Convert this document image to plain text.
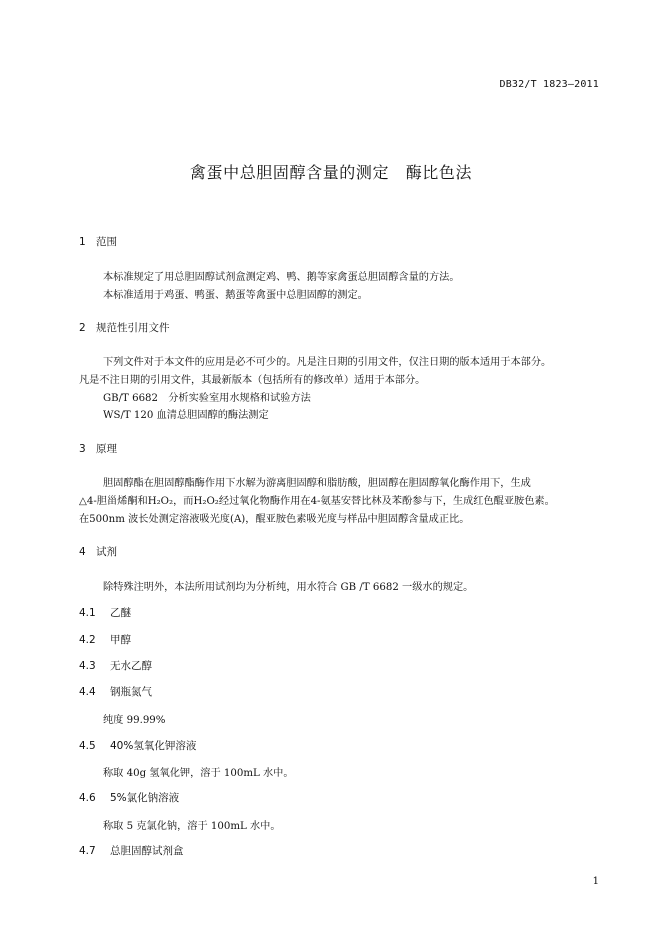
DB32/T 1823—2011
禽蛋中总胆固醇含量的测定　酶比色法
1 范围
本标准规定了用总胆固醇试剂盒测定鸡、鸭、鹅等家禽蛋总胆固醇含量的方法。
本标准适用于鸡蛋、鸭蛋、鹅蛋等禽蛋中总胆固醇的测定。
2 规范性引用文件
下列文件对于本文件的应用是必不可少的。凡是注日期的引用文件，仅注日期的版本适用于本部分。
凡是不注日期的引用文件，其最新版本（包括所有的修改单）适用于本部分。
GB/T 6682　分析实验室用水规格和试验方法
WS/T 120 血清总胆固醇的酶法测定
3 原理
胆固醇酯在胆固醇酯酶作用下水解为游离胆固醇和脂肪酸，胆固醇在胆固醇氧化酶作用下，生成
△4-胆甾烯酮和H₂O₂，而H₂O₂经过氧化物酶作用在4-氨基安替比林及苯酚参与下，生成红色醌亚胺色素。
在500nm 波长处测定溶液吸光度(A)，醌亚胺色素吸光度与样品中胆固醇含量成正比。
4 试剂
除特殊注明外，本法所用试剂均为分析纯，用水符合 GB /T 6682 一级水的规定。
4.1 乙醚
4.2 甲醇
4.3 无水乙醇
4.4 钢瓶氮气
纯度 99.99%
4.5 40%氢氧化钾溶液
称取 40g 氢氧化钾，溶于 100mL 水中。
4.6 5%氯化钠溶液
称取 5 克氯化钠，溶于 100mL 水中。
4.7 总胆固醇试剂盒
1
